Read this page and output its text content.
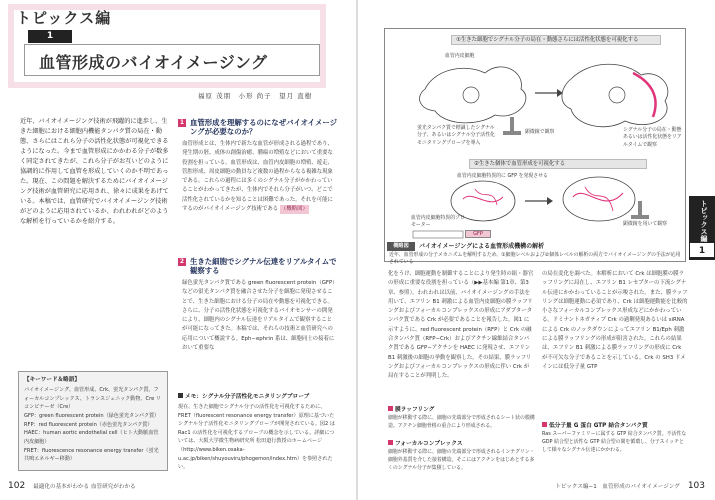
トピックス編
1
血管形成のバイオイメージング
福原 茂朋　小形 尚子　望月 直樹
近年、バイオイメージング技術が飛躍的に進歩し、生きた細胞における細胞内機能タンパク質の局在・動態、さらにはこれら分子の活性化状態が可視化できるようになった。今まで血管形成にかかわる分子が数多く同定されてきたが、これら分子がお互いどのように協調的に作用して血管を形成していくのか不明であった。現在、この問題を解決するためにバイオイメージング技術が血管研究に応用され、徐々に成果をあげている。本稿では、血管研究でバイオイメージング技術がどのように応用されているか、われわれがどのような解析を行っているかを紹介する。
1 血管形成を理解するのになぜバイオイメージングが必要なのか？
血管形成とは、生体内で新たな血管が形成される過程であり、発生期の胚、成体の創傷治癒、腫瘍の増殖などにおいて重要な役割を担っている。血管形成は、血管内皮細胞の増殖、遊走、管腔形成、周皮細胞の動員など複数の過程からなる複雑な現象である。これらの過程には多くのシグナル分子がかかわっていることがわかってきたが、生体内でそれら分子がいつ、どこで活性化されているかを知ることは困難であった。それを可能にするのがバイオイメージング技術である （概略図）
2 生きた細胞でシグナル伝達をリアルタイムで観察する
緑色蛍光タンパク質である green fluorescent protein（GFP）などの蛍光タンパク質を融合させた分子を細胞に発現させることで、生きた細胞における分子の局在や動態を可視化できる。さらに、分子の活性化状態を可視化するバイオセンサーの開発により、細胞内のシグナル伝達をリアルタイムで観察することが可能になってきた。本稿では、それらの技術と血管研究への応用について概説する。Eph−ephrin 系は、細胞同士の接着において重要な
【キーワード＆略語】
バイオイメージング、血管形成、Crk、蛍光タンパク質、フォーカルコンプレックス、トランスジェニック動物、Cre リコンビナーゼ（Cre）
GFP：green fluorescent protein（緑色蛍光タンパク質）
RFP：red fluorescent protein（赤色蛍光タンパク質）
HAEC：human aortic endothelial cell（ヒト大動脈血管内皮細胞）
FRET：fluorescence resonance energy transfer（蛍光共鳴エネルギー移動）
メモ：シグナル分子活性化モニタリングプローブ
現在、生きた細胞でシグナル分子の活性化を可視化するために、FRET（fluorescent resonance energy transfer）原理に基づいたシグナル分子活性化モニタリングプローブが開発されている。図2 は Rac1 の活性化を可視化するプローブの概念を示している。詳細については、大阪大学微生物病研究所 松田道行教授のホームページ（http://www.biken.osaka-u.ac.jp/biken/shuyouviru/phogemon/index.htm）を参照されたい。
102 最適化の基本がわかる 血管研究がわかる
①生きた細胞でシグナル分子の局在・動態さらには活性化状態を可視化する
血管内皮細胞
蛍光タンパク質で標識したシグナル分子、あるいはシグナル分子活性化モニタリングプローブを導入
シグナル分子の局在・動態あるいは活性化状態をリアルタイムで観察
顕微鏡で観察
②生きた個体で血管形成を可視化する
血管内皮細胞特異的に GFP を発現させる
血管内皮細胞特異的プロモーター
GFP
顕微鏡を用いて観察
概略図	バイオイメージングによる血管形成機構の解析
近年、血管形成の分子メカニズムを解明するため、①細胞レベルおよび②個体レベルの解析の両方でバイオイメージングの手法が応用されている
化をうけ、細胞運動を制御することにより発生時の組・器官の形成に重要な役割を担っている（▶▶基本編 第1章、第3章、参照）。われわれは以前、バイオイメージングの手法を用いて、エフリン B1 刺激による血管内皮細胞の膜ラッフリングおよびフォーカルコンプレックスの形成にアダプタータンパク質である Crk が必要であることを報告した。図1 に示すように、red fluorescent protein（RFP）と Crk の融合タンパク質（RFP−Crk）およびアクチン線維結合タンパク質である GFP−アクチンを HAEC に発現させ、エフリン B1 刺激後の細胞の挙動を観察した。その結果、膜ラッフリングおよびフォーカルコンプレックスの形成に伴い Crk が局在することが判明した。
の局在変化を調べた。本解析において Crk は細胞膜の膜ラッフリングに局在し、エフリン B1 レセプターの下流シグナル伝達にかかわっていることが示唆された。また、膜ラッフリングは細胞運動に必須であり、Crk は細胞運動能を比較的小さなフォーカルコンプレックス形成などにかかわっている。ドミナントネガティブ Crk の過剰発現あるいは siRNA による Crk のノックダウンによってエフリン B1/Eph 刺激による膜ラッフリングの形成が阻害された。これらの結果は、エフリン B1 刺激による膜ラッフリングの形成に Crk が不可欠な分子であることを示している。Crk の SH3 ドメインには低分子量 GTP
膜ラッフリング
細胞が移動する際に、細胞の先端部分で形成されるシート状の膜構造。アクチン細胞骨格の重合により形成される。
フォーカルコンプレックス
細胞が移動する際に、細胞の先端部分で形成されるインテグリン・細胞外基質を介した接着構造。そこにはアクチンをはじめとする多くのシグナル分子が集積している。
低分子量 G 蛋白 GTP 結合タンパク質
Ras スーパーファミリーに属する GTP 結合タンパク質。不活性な GDP 結合型と活性な GTP 結合型の間を循環し、分子スイッチとして様々なシグナル伝達にかかわる。
トピックス編−1　血管形成のバイオイメージング 103
トピックス編
1
